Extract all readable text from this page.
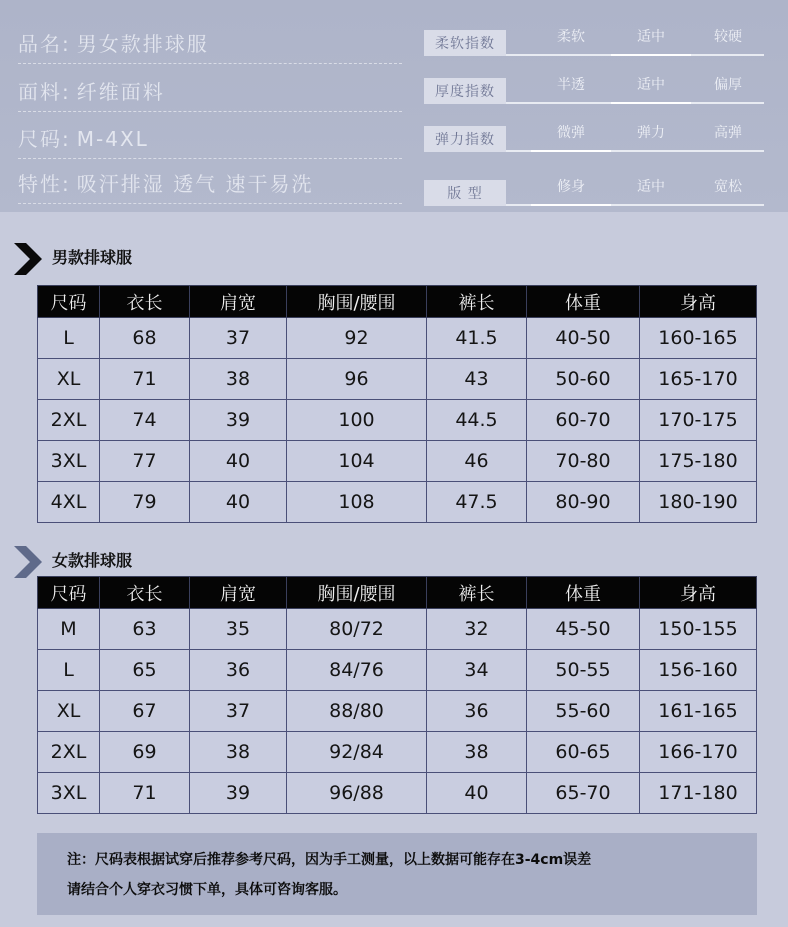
品名: 男女款排球服
面料: 纤维面料
尺码: M-4XL
特性: 吸汗排湿 透气 速干易洗
柔软指数	柔软	适中	较硬
厚度指数	半透	适中	偏厚
弹力指数	微弹	弹力	高弹
版 型	修身	适中	宽松
男款排球服
尺码	衣长	肩宽	胸围/腰围	裤长	体重	身高
L	68	37	92	41.5	40-50	160-165
XL	71	38	96	43	50-60	165-170
2XL	74	39	100	44.5	60-70	170-175
3XL	77	40	104	46	70-80	175-180
4XL	79	40	108	47.5	80-90	180-190
女款排球服
尺码	衣长	肩宽	胸围/腰围	裤长	体重	身高
M	63	35	80/72	32	45-50	150-155
L	65	36	84/76	34	50-55	156-160
XL	67	37	88/80	36	55-60	161-165
2XL	69	38	92/84	38	60-65	166-170
3XL	71	39	96/88	40	65-70	171-180
注：尺码表根据试穿后推荐参考尺码，因为手工测量，以上数据可能存在3-4cm误差
请结合个人穿衣习惯下单，具体可咨询客服。
